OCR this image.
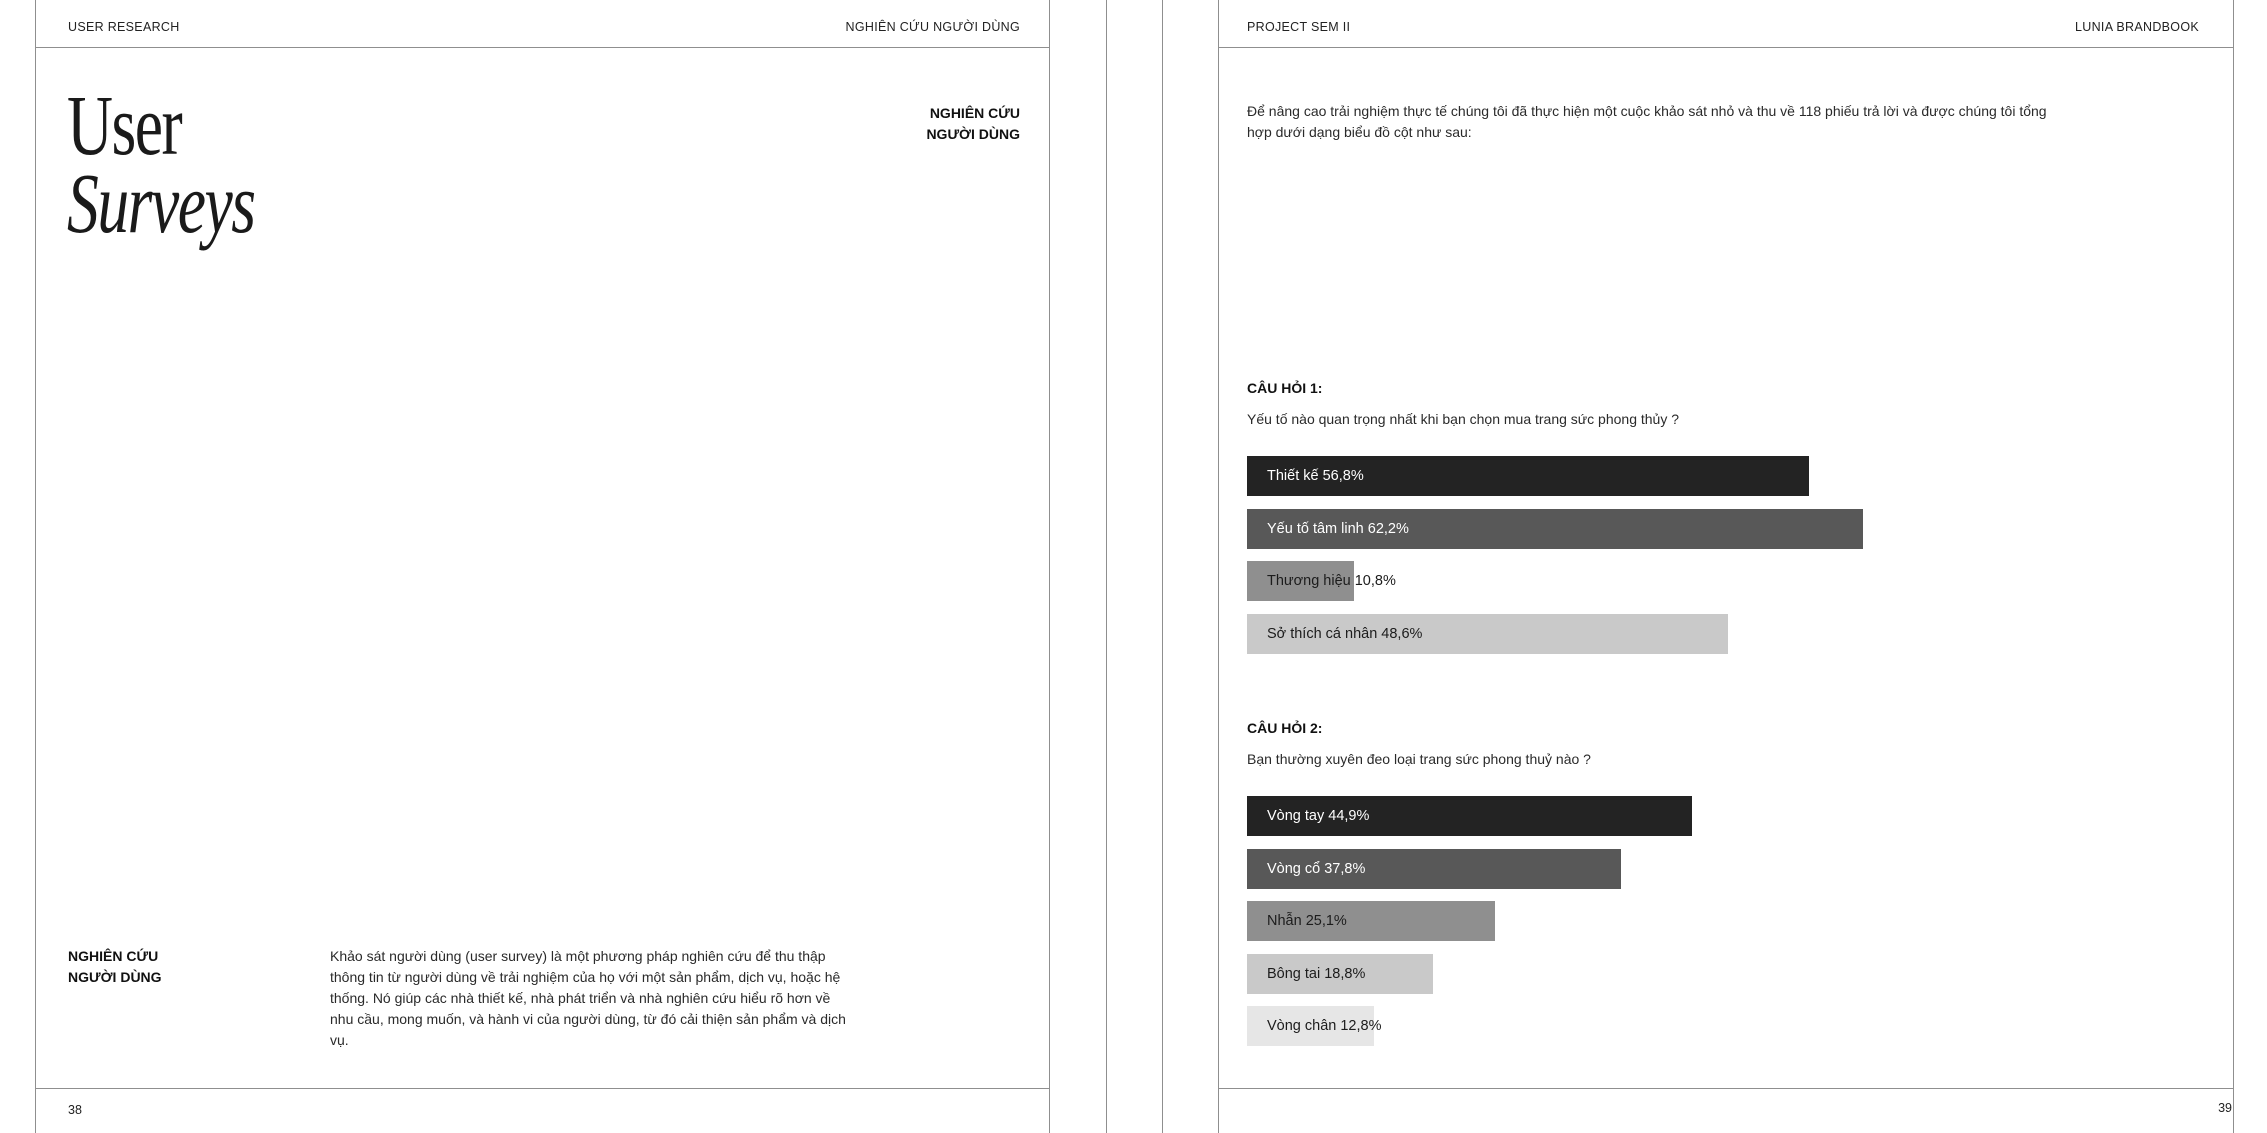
USER RESEARCH	NGHIÊN CỨU NGƯỜI DÙNG
User
Surveys
NGHIÊN CỨU
NGƯỜI DÙNG
NGHIÊN CỨU
NGƯỜI DÙNG

Khảo sát người dùng (user survey) là một phương pháp nghiên cứu để thu thập thông tin từ người dùng về trải nghiệm của họ với một sản phẩm, dịch vụ, hoặc hệ thống. Nó giúp các nhà thiết kế, nhà phát triển và nhà nghiên cứu hiểu rõ hơn về nhu cầu, mong muốn, và hành vi của người dùng, từ đó cải thiện sản phẩm và dịch vụ.

38
PROJECT SEM II	LUNIA BRANDBOOK

Để nâng cao trải nghiệm thực tế chúng tôi đã thực hiện một cuộc khảo sát nhỏ và thu về 118 phiếu trả lời và được chúng tôi tổng hợp dưới dạng biểu đồ cột như sau:

CÂU HỎI 1:
Yếu tố nào quan trọng nhất khi bạn chọn mua trang sức phong thủy ?
Thiết kế 56,8%
Yếu tố tâm linh 62,2%
Thương hiệu 10,8%
Sở thích cá nhân 48,6%
CÂU HỎI 2:
Bạn thường xuyên đeo loại trang sức phong thuỷ nào ?
Vòng tay 44,9%
Vòng cổ 37,8%
Nhẫn 25,1%
Bông tai 18,8%
Vòng chân 12,8%
39
